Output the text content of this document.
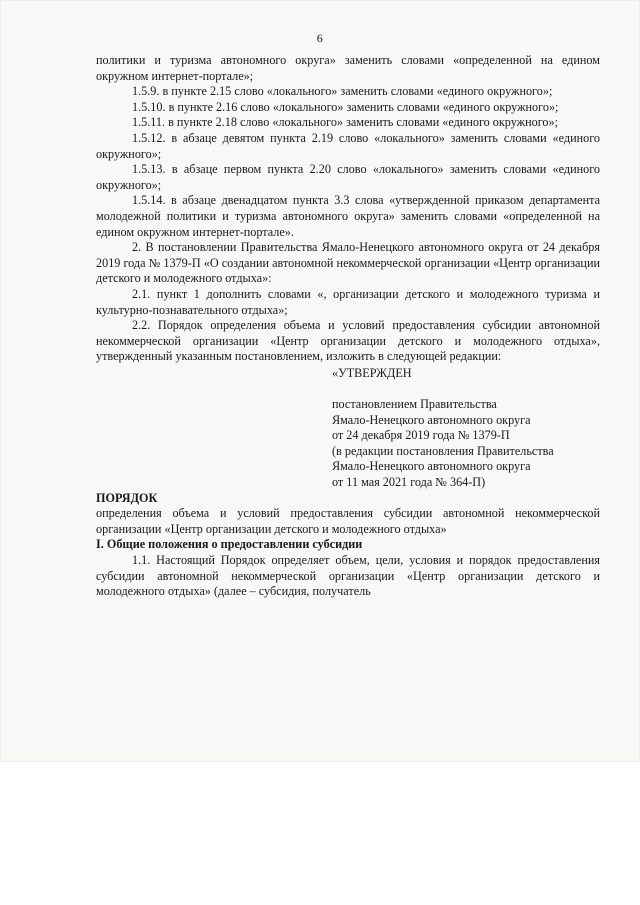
6

политики и туризма автономного округа» заменить словами «определенной на едином окружном интернет-портале»;

1.5.9. в пункте 2.15 слово «локального» заменить словами «единого окружного»;

1.5.10. в пункте 2.16 слово «локального» заменить словами «единого окружного»;

1.5.11. в пункте 2.18 слово «локального» заменить словами «единого окружного»;

1.5.12. в абзаце девятом пункта 2.19 слово «локального» заменить словами «единого окружного»;

1.5.13. в абзаце первом пункта 2.20 слово «локального» заменить словами «единого окружного»;

1.5.14. в абзаце двенадцатом пункта 3.3 слова «утвержденной приказом департамента молодежной политики и туризма автономного округа» заменить словами «определенной на едином окружном интернет-портале».

2. В постановлении Правительства Ямало-Ненецкого автономного округа от 24 декабря 2019 года № 1379-П «О создании автономной некоммерческой организации «Центр организации детского и молодежного отдыха»:

2.1. пункт 1 дополнить словами «, организации детского и молодежного туризма и культурно-познавательного отдыха»;

2.2. Порядок определения объема и условий предоставления субсидии автономной некоммерческой организации «Центр организации детского и молодежного отдыха», утвержденный указанным постановлением, изложить в следующей редакции:

«УТВЕРЖДЕН
постановлением Правительства
Ямало-Ненецкого автономного округа
от 24 декабря 2019 года № 1379-П
(в редакции постановления Правительства
Ямало-Ненецкого автономного округа
от 11 мая 2021 года № 364-П)

ПОРЯДОК

определения объема и условий предоставления субсидии автономной некоммерческой организации «Центр организации детского и молодежного отдыха»

I. Общие положения о предоставлении субсидии

1.1. Настоящий Порядок определяет объем, цели, условия и порядок предоставления субсидии автономной некоммерческой организации «Центр организации детского и молодежного отдыха» (далее – субсидия, получатель
